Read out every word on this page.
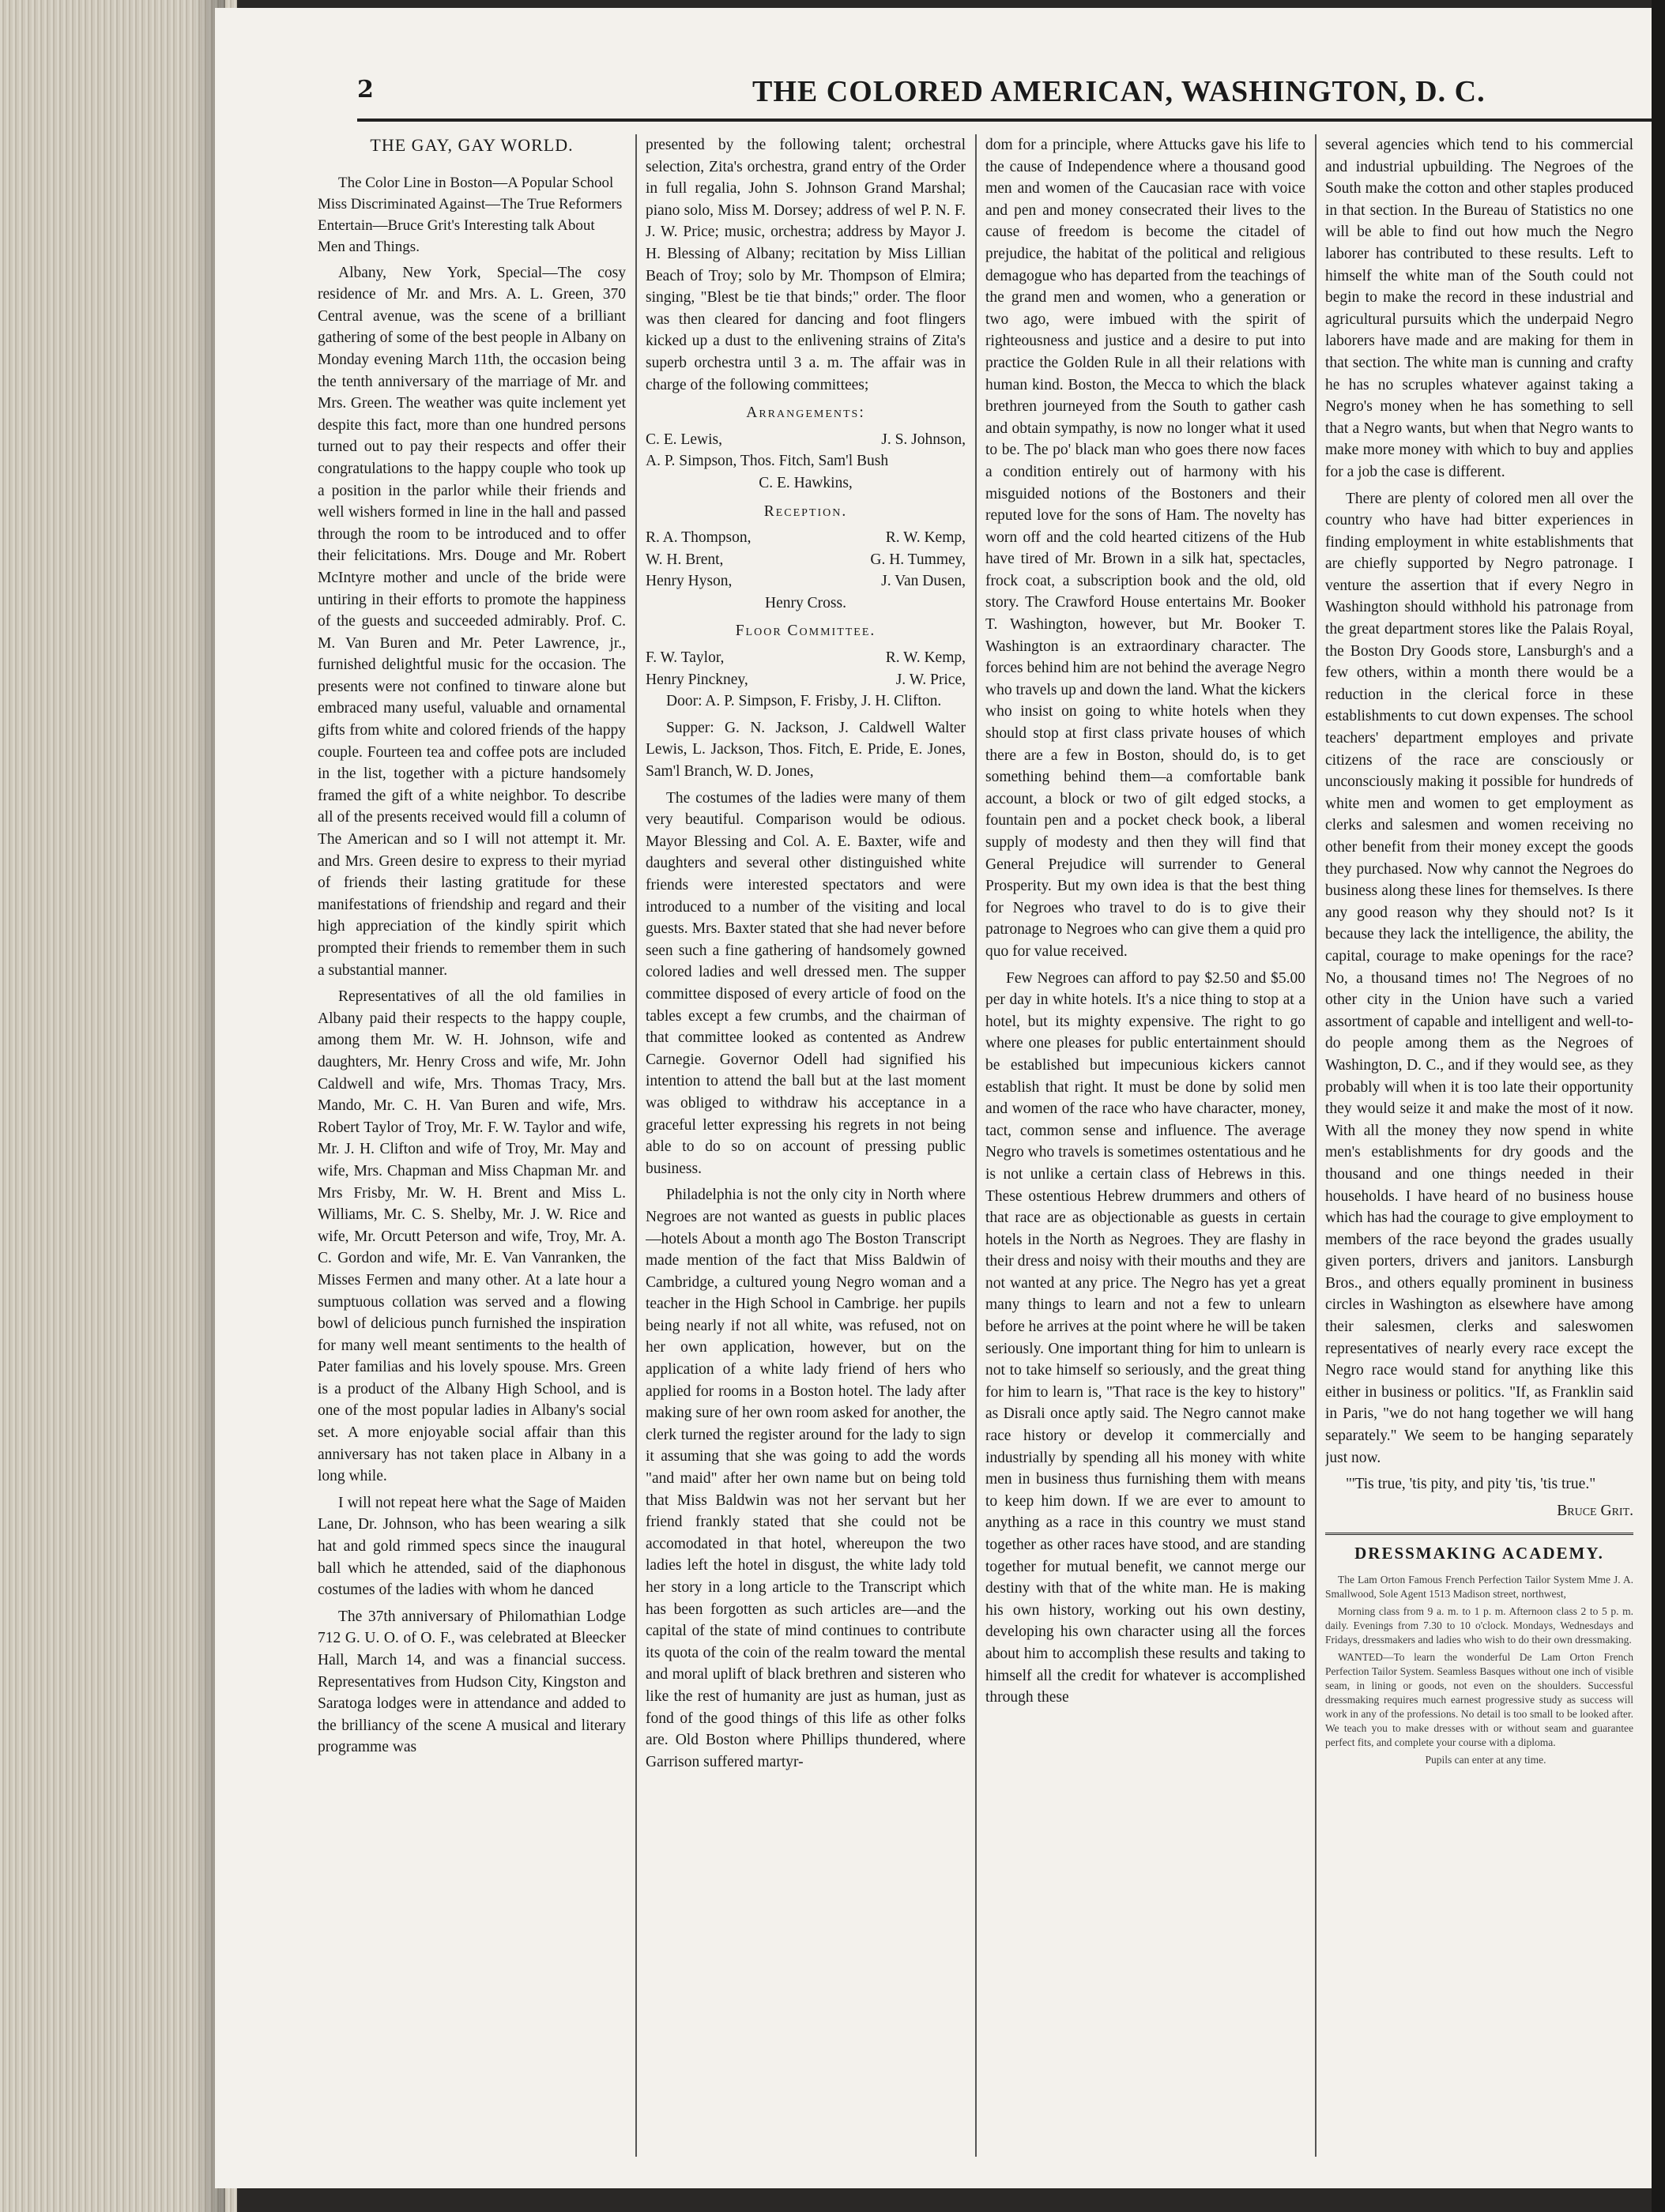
2	THE COLORED AMERICAN, WASHINGTON, D. C.
THE GAY, GAY WORLD.

The Color Line in Boston—A Popular School Miss Discriminated Against—The True Reformers Entertain—Bruce Grit's Interesting talk About Men and Things.

Albany, New York, Special—The cosy residence of Mr. and Mrs. A. L. Green, 370 Central avenue, was the scene of a brilliant gathering of some of the best people in Albany on Monday evening March 11th, the occasion being the tenth anniversary of the marriage of Mr. and Mrs. Green. The weather was quite inclement yet despite this fact, more than one hundred persons turned out to pay their respects and offer their congratulations to the happy couple who took up a position in the parlor while their friends and well wishers formed in line in the hall and passed through the room to be introduced and to offer their felicitations. Mrs. Douge and Mr. Robert McIntyre mother and uncle of the bride were untiring in their efforts to promote the happiness of the guests and succeeded admirably. Prof. C. M. Van Buren and Mr. Peter Lawrence, jr., furnished delightful music for the occasion. The presents were not confined to tinware alone but embraced many useful, valuable and ornamental gifts from white and colored friends of the happy couple. Fourteen tea and coffee pots are included in the list, together with a picture handsomely framed the gift of a white neighbor. To describe all of the presents received would fill a column of The American and so I will not attempt it. Mr. and Mrs. Green desire to express to their myriad of friends their lasting gratitude for these manifestations of friendship and regard and their high appreciation of the kindly spirit which prompted their friends to remember them in such a substantial manner.

Representatives of all the old families in Albany paid their respects to the happy couple, among them Mr. W. H. Johnson, wife and daughters, Mr. Henry Cross and wife, Mr. John Caldwell and wife, Mrs. Thomas Tracy, Mrs. Mando, Mr. C. H. Van Buren and wife, Mrs. Robert Taylor of Troy, Mr. F. W. Taylor and wife, Mr. J. H. Clifton and wife of Troy, Mr. May and wife, Mrs. Chapman and Miss Chapman Mr. and Mrs Frisby, Mr. W. H. Brent and Miss L. Williams, Mr. C. S. Shelby, Mr. J. W. Rice and wife, Mr. Orcutt Peterson and wife, Troy, Mr. A. C. Gordon and wife, Mr. E. Van Vanranken, the Misses Fermen and many other. At a late hour a sumptuous collation was served and a flowing bowl of delicious punch furnished the inspiration for many well meant sentiments to the health of Pater familias and his lovely spouse. Mrs. Green is a product of the Albany High School, and is one of the most popular ladies in Albany's social set. A more enjoyable social affair than this anniversary has not taken place in Albany in a long while.

I will not repeat here what the Sage of Maiden Lane, Dr. Johnson, who has been wearing a silk hat and gold rimmed specs since the inaugural ball which he attended, said of the diaphonous costumes of the ladies with whom he danced

The 37th anniversary of Philomathian Lodge 712 G. U. O. of O. F., was celebrated at Bleecker Hall, March 14, and was a financial success. Representatives from Hudson City, Kingston and Saratoga lodges were in attendance and added to the brilliancy of the scene A musical and literary programme was

presented by the following talent; orchestral selection, Zita's orchestra, grand entry of the Order in full regalia, John S. Johnson Grand Marshal; piano solo, Miss M. Dorsey; address of wel P. N. F. J. W. Price; music, orchestra; address by Mayor J. H. Blessing of Albany; recitation by Miss Lillian Beach of Troy; solo by Mr. Thompson of Elmira; singing, "Blest be tie that binds;" order. The floor was then cleared for dancing and foot flingers kicked up a dust to the enlivening strains of Zita's superb orchestra until 3 a. m. The affair was in charge of the following committees;

Arrangements:
C. E. Lewis,	J. S. Johnson,
A. P. Simpson, Thos. Fitch, Sam'l Bush
C. E. Hawkins,
Reception.
R. A. Thompson,	R. W. Kemp,
W. H. Brent,	G. H. Tummey,
Henry Hyson,	J. Van Dusen,
Henry Cross.	
Floor Committee.
F. W. Taylor,	R. W. Kemp,
Henry Pinckney,	J. W. Price,

Door: A. P. Simpson, F. Frisby, J. H. Clifton.

Supper: G. N. Jackson, J. Caldwell Walter Lewis, L. Jackson, Thos. Fitch, E. Pride, E. Jones, Sam'l Branch, W. D. Jones,

The costumes of the ladies were many of them very beautiful. Comparison would be odious. Mayor Blessing and Col. A. E. Baxter, wife and daughters and several other distinguished white friends were interested spectators and were introduced to a number of the visiting and local guests. Mrs. Baxter stated that she had never before seen such a fine gathering of handsomely gowned colored ladies and well dressed men. The supper committee disposed of every article of food on the tables except a few crumbs, and the chairman of that committee looked as contented as Andrew Carnegie. Governor Odell had signified his intention to attend the ball but at the last moment was obliged to withdraw his acceptance in a graceful letter expressing his regrets in not being able to do so on account of pressing public business.

Philadelphia is not the only city in North where Negroes are not wanted as guests in public places—hotels About a month ago The Boston Transcript made mention of the fact that Miss Baldwin of Cambridge, a cultured young Negro woman and a teacher in the High School in Cambrige. her pupils being nearly if not all white, was refused, not on her own application, however, but on the application of a white lady friend of hers who applied for rooms in a Boston hotel. The lady after making sure of her own room asked for another, the clerk turned the register around for the lady to sign it assuming that she was going to add the words "and maid" after her own name but on being told that Miss Baldwin was not her servant but her friend frankly stated that she could not be accomodated in that hotel, whereupon the two ladies left the hotel in disgust, the white lady told her story in a long article to the Transcript which has been forgotten as such articles are—and the capital of the state of mind continues to contribute its quota of the coin of the realm toward the mental and moral uplift of black brethren and sisteren who like the rest of humanity are just as human, just as fond of the good things of this life as other folks are. Old Boston where Phillips thundered, where Garrison suffered martyr-

dom for a principle, where Attucks gave his life to the cause of Independence where a thousand good men and women of the Caucasian race with voice and pen and money consecrated their lives to the cause of freedom is become the citadel of prejudice, the habitat of the political and religious demagogue who has departed from the teachings of the grand men and women, who a generation or two ago, were imbued with the spirit of righteousness and justice and a desire to put into practice the Golden Rule in all their relations with human kind. Boston, the Mecca to which the black brethren journeyed from the South to gather cash and obtain sympathy, is now no longer what it used to be. The po' black man who goes there now faces a condition entirely out of harmony with his misguided notions of the Bostoners and their reputed love for the sons of Ham. The novelty has worn off and the cold hearted citizens of the Hub have tired of Mr. Brown in a silk hat, spectacles, frock coat, a subscription book and the old, old story. The Crawford House entertains Mr. Booker T. Washington, however, but Mr. Booker T. Washington is an extraordinary character. The forces behind him are not behind the average Negro who travels up and down the land. What the kickers who insist on going to white hotels when they should stop at first class private houses of which there are a few in Boston, should do, is to get something behind them—a comfortable bank account, a block or two of gilt edged stocks, a fountain pen and a pocket check book, a liberal supply of modesty and then they will find that General Prejudice will surrender to General Prosperity. But my own idea is that the best thing for Negroes who travel to do is to give their patronage to Negroes who can give them a quid pro quo for value received.

Few Negroes can afford to pay $2.50 and $5.00 per day in white hotels. It's a nice thing to stop at a hotel, but its mighty expensive. The right to go where one pleases for public entertainment should be established but impecunious kickers cannot establish that right. It must be done by solid men and women of the race who have character, money, tact, common sense and influence. The average Negro who travels is sometimes ostentatious and he is not unlike a certain class of Hebrews in this. These ostentious Hebrew drummers and others of that race are as objectionable as guests in certain hotels in the North as Negroes. They are flashy in their dress and noisy with their mouths and they are not wanted at any price. The Negro has yet a great many things to learn and not a few to unlearn before he arrives at the point where he will be taken seriously. One important thing for him to unlearn is not to take himself so seriously, and the great thing for him to learn is, "That race is the key to history" as Disrali once aptly said. The Negro cannot make race history or develop it commercially and industrially by spending all his money with white men in business thus furnishing them with means to keep him down. If we are ever to amount to anything as a race in this country we must stand together as other races have stood, and are standing together for mutual benefit, we cannot merge our destiny with that of the white man. He is making his own history, working out his own destiny, developing his own character using all the forces about him to accomplish these results and taking to himself all the credit for whatever is accomplished through these

several agencies which tend to his commercial and industrial upbuilding. The Negroes of the South make the cotton and other staples produced in that section. In the Bureau of Statistics no one will be able to find out how much the Negro laborer has contributed to these results. Left to himself the white man of the South could not begin to make the record in these industrial and agricultural pursuits which the underpaid Negro laborers have made and are making for them in that section. The white man is cunning and crafty he has no scruples whatever against taking a Negro's money when he has something to sell that a Negro wants, but when that Negro wants to make more money with which to buy and applies for a job the case is different.

There are plenty of colored men all over the country who have had bitter experiences in finding employment in white establishments that are chiefly supported by Negro patronage. I venture the assertion that if every Negro in Washington should withhold his patronage from the great department stores like the Palais Royal, the Boston Dry Goods store, Lansburgh's and a few others, within a month there would be a reduction in the clerical force in these establishments to cut down expenses. The school teachers' department employes and private citizens of the race are consciously or unconsciously making it possible for hundreds of white men and women to get employment as clerks and salesmen and women receiving no other benefit from their money except the goods they purchased. Now why cannot the Negroes do business along these lines for themselves. Is there any good reason why they should not? Is it because they lack the intelligence, the ability, the capital, courage to make openings for the race? No, a thousand times no! The Negroes of no other city in the Union have such a varied assortment of capable and intelligent and well-to-do people among them as the Negroes of Washington, D. C., and if they would see, as they probably will when it is too late their opportunity they would seize it and make the most of it now. With all the money they now spend in white men's establishments for dry goods and the thousand and one things needed in their households. I have heard of no business house which has had the courage to give employment to members of the race beyond the grades usually given porters, drivers and janitors. Lansburgh Bros., and others equally prominent in business circles in Washington as elsewhere have among their salesmen, clerks and saleswomen representatives of nearly every race except the Negro race would stand for anything like this either in business or politics. "If, as Franklin said in Paris, "we do not hang together we will hang separately." We seem to be hanging separately just now.

"'Tis true, 'tis pity, and pity 'tis, 'tis true."

Bruce Grit.
DRESSMAKING ACADEMY.

The Lam Orton Famous French Perfection Tailor System Mme J. A. Smallwood, Sole Agent 1513 Madison street, northwest,

Morning class from 9 a. m. to 1 p. m. Afternoon class 2 to 5 p. m. daily. Evenings from 7.30 to 10 o'clock. Mondays, Wednesdays and Fridays, dressmakers and ladies who wish to do their own dressmaking.

WANTED—To learn the wonderful De Lam Orton French Perfection Tailor System. Seamless Basques without one inch of visible seam, in lining or goods, not even on the shoulders. Successful dressmaking requires much earnest progressive study as success will work in any of the professions. No detail is too small to be looked after. We teach you to make dresses with or without seam and guarantee perfect fits, and complete your course with a diploma.

Pupils can enter at any time.
